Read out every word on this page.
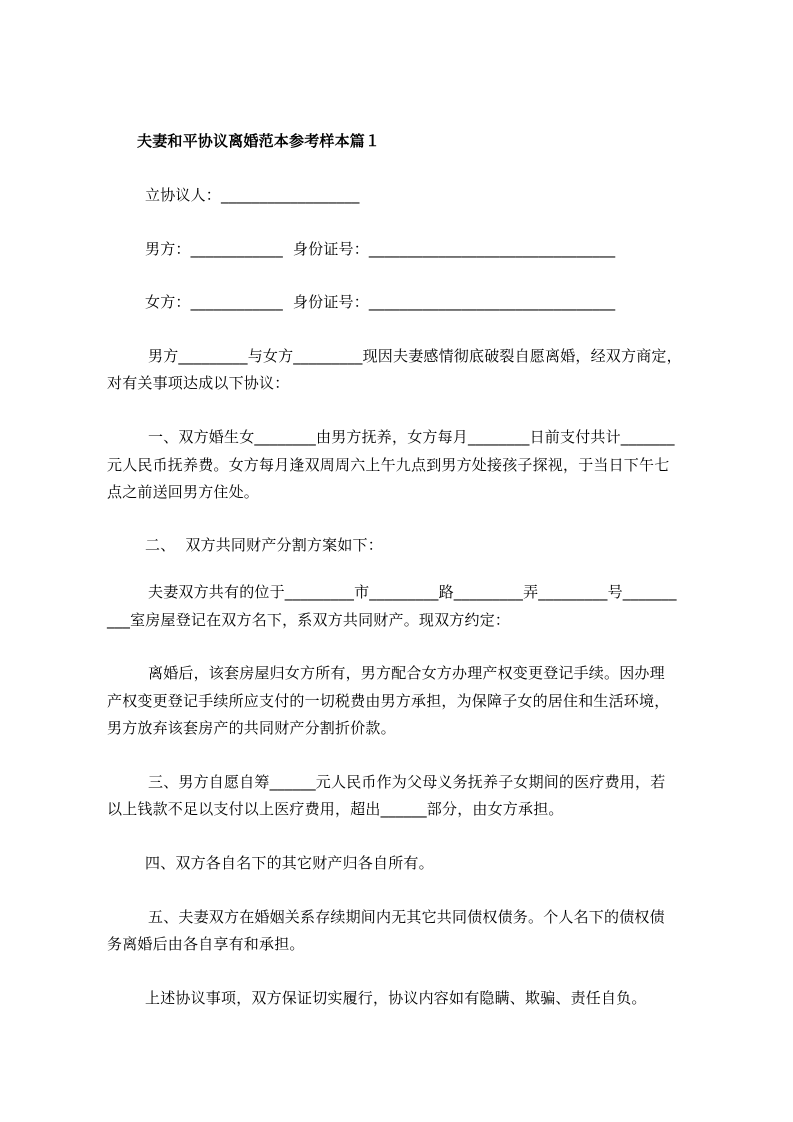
夫妻和平协议离婚范本参考样本篇１
立协议人：__________________
男方：____________  身份证号：________________________________
女方：____________  身份证号：________________________________
男方_________与女方_________现因夫妻感情彻底破裂自愿离婚，经双方商定，
对有关事项达成以下协议：
一、双方婚生女________由男方抚养，女方每月________日前支付共计_______
元人民币抚养费。女方每月逢双周周六上午九点到男方处接孩子探视，于当日下午七
点之前送回男方住处。
二、  双方共同财产分割方案如下：
夫妻双方共有的位于_________市_________路_________弄_________号_______
___室房屋登记在双方名下，系双方共同财产。现双方约定：
离婚后，该套房屋归女方所有，男方配合女方办理产权变更登记手续。因办理
产权变更登记手续所应支付的一切税费由男方承担，为保障子女的居住和生活环境，
男方放弃该套房产的共同财产分割折价款。
三、男方自愿自筹______元人民币作为父母义务抚养子女期间的医疗费用，若
以上钱款不足以支付以上医疗费用，超出______部分，由女方承担。
四、双方各自名下的其它财产归各自所有。
五、夫妻双方在婚姻关系存续期间内无其它共同债权债务。个人名下的债权债
务离婚后由各自享有和承担。
上述协议事项，双方保证切实履行，协议内容如有隐瞒、欺骗、责任自负。
